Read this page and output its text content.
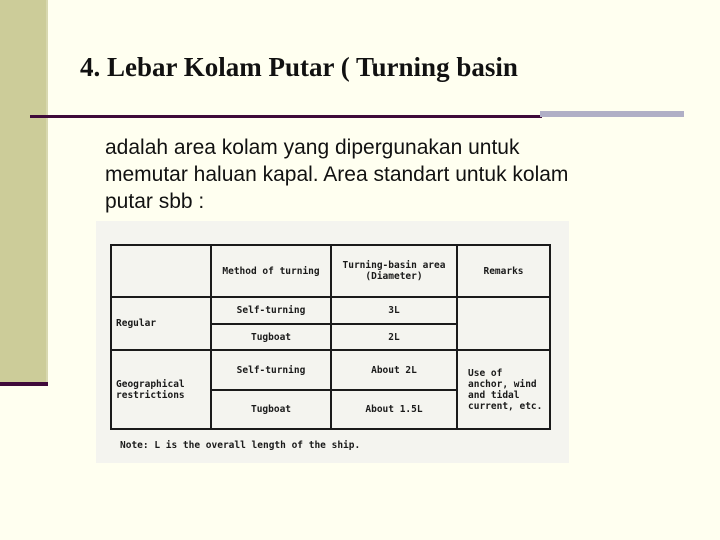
4. Lebar Kolam Putar ( Turning basin
adalah area kolam yang dipergunakan untuk memutar haluan kapal. Area standart untuk kolam putar sbb :
	Method of turning	Turning-basin area (Diameter)	Remarks
Regular	Self-turning	3L	
	Tugboat	2L	
Geographical restrictions	Self-turning	About 2L	Use of anchor, wind and tidal current, etc.
	Tugboat	About 1.5L	
Note: L is the overall length of the ship.
